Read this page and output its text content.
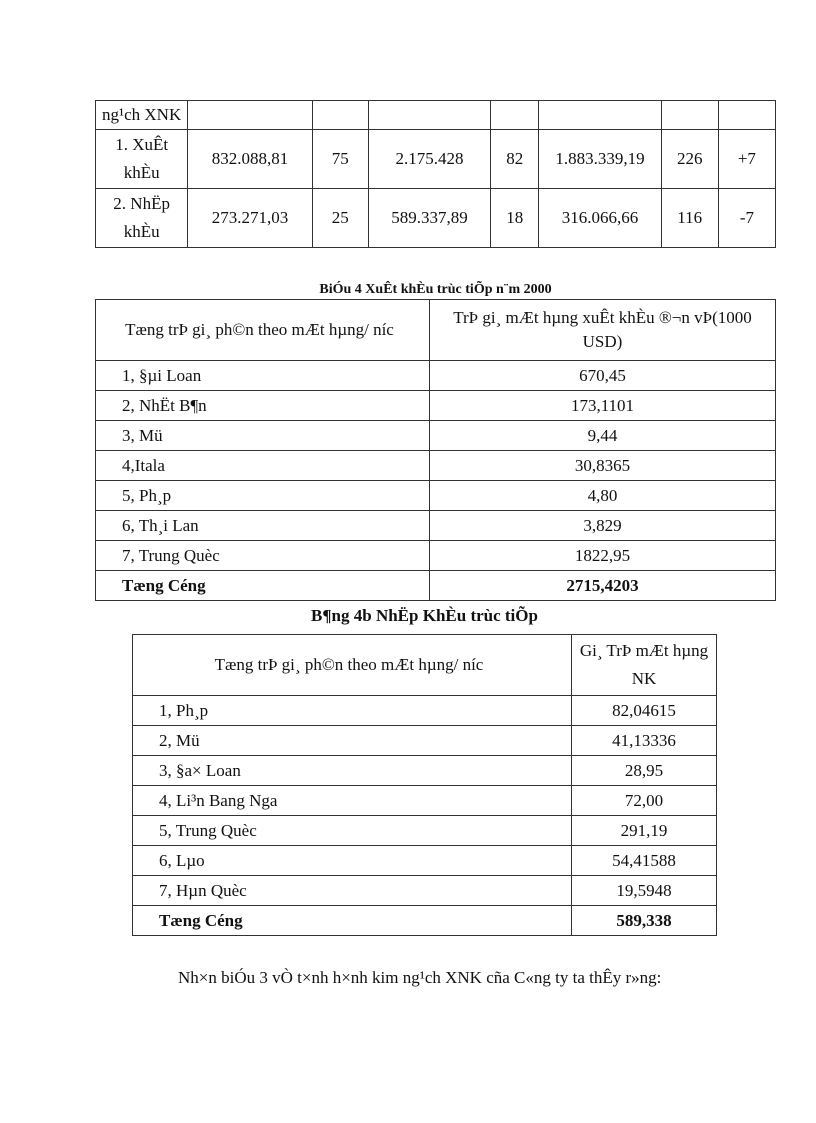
ng¹ch XNK							
1. XuÊt khÈu	832.088,81	75	2.175.428	82	1.883.339,19	226	+7
2. NhËp khÈu	273.271,03	25	589.337,89	18	316.066,66	116	-7
BiÓu 4 XuÊt khÈu trùc tiÕp n¨m 2000
Tæng trÞ gi¸ ph©n theo mÆt hµng/ níc	TrÞ gi¸ mÆt hµng xuÊt khÈu ®¬n vÞ(1000 USD)
1, §µi Loan	670,45
2, NhËt B¶n	173,1101
3, Mü	9,44
4,Itala	30,8365
5, Ph¸p	4,80
6, Th¸i Lan	3,829
7, Trung Quèc	1822,95
Tæng Céng	2715,4203
B¶ng 4b NhËp KhÈu trùc tiÕp
Tæng trÞ gi¸ ph©n theo mÆt hµng/ níc	Gi¸ TrÞ mÆt hµng NK
1, Ph¸p	82,04615
2, Mü	41,13336
3, §a× Loan	28,95
4, Li³n Bang Nga	72,00
5, Trung Quèc	291,19
6, Lµo	54,41588
7, Hµn Quèc	19,5948
Tæng Céng	589,338
Nh×n biÓu 3 vÒ t×nh h×nh kim ng¹ch XNK cña C«ng ty ta thÊy r»ng:
